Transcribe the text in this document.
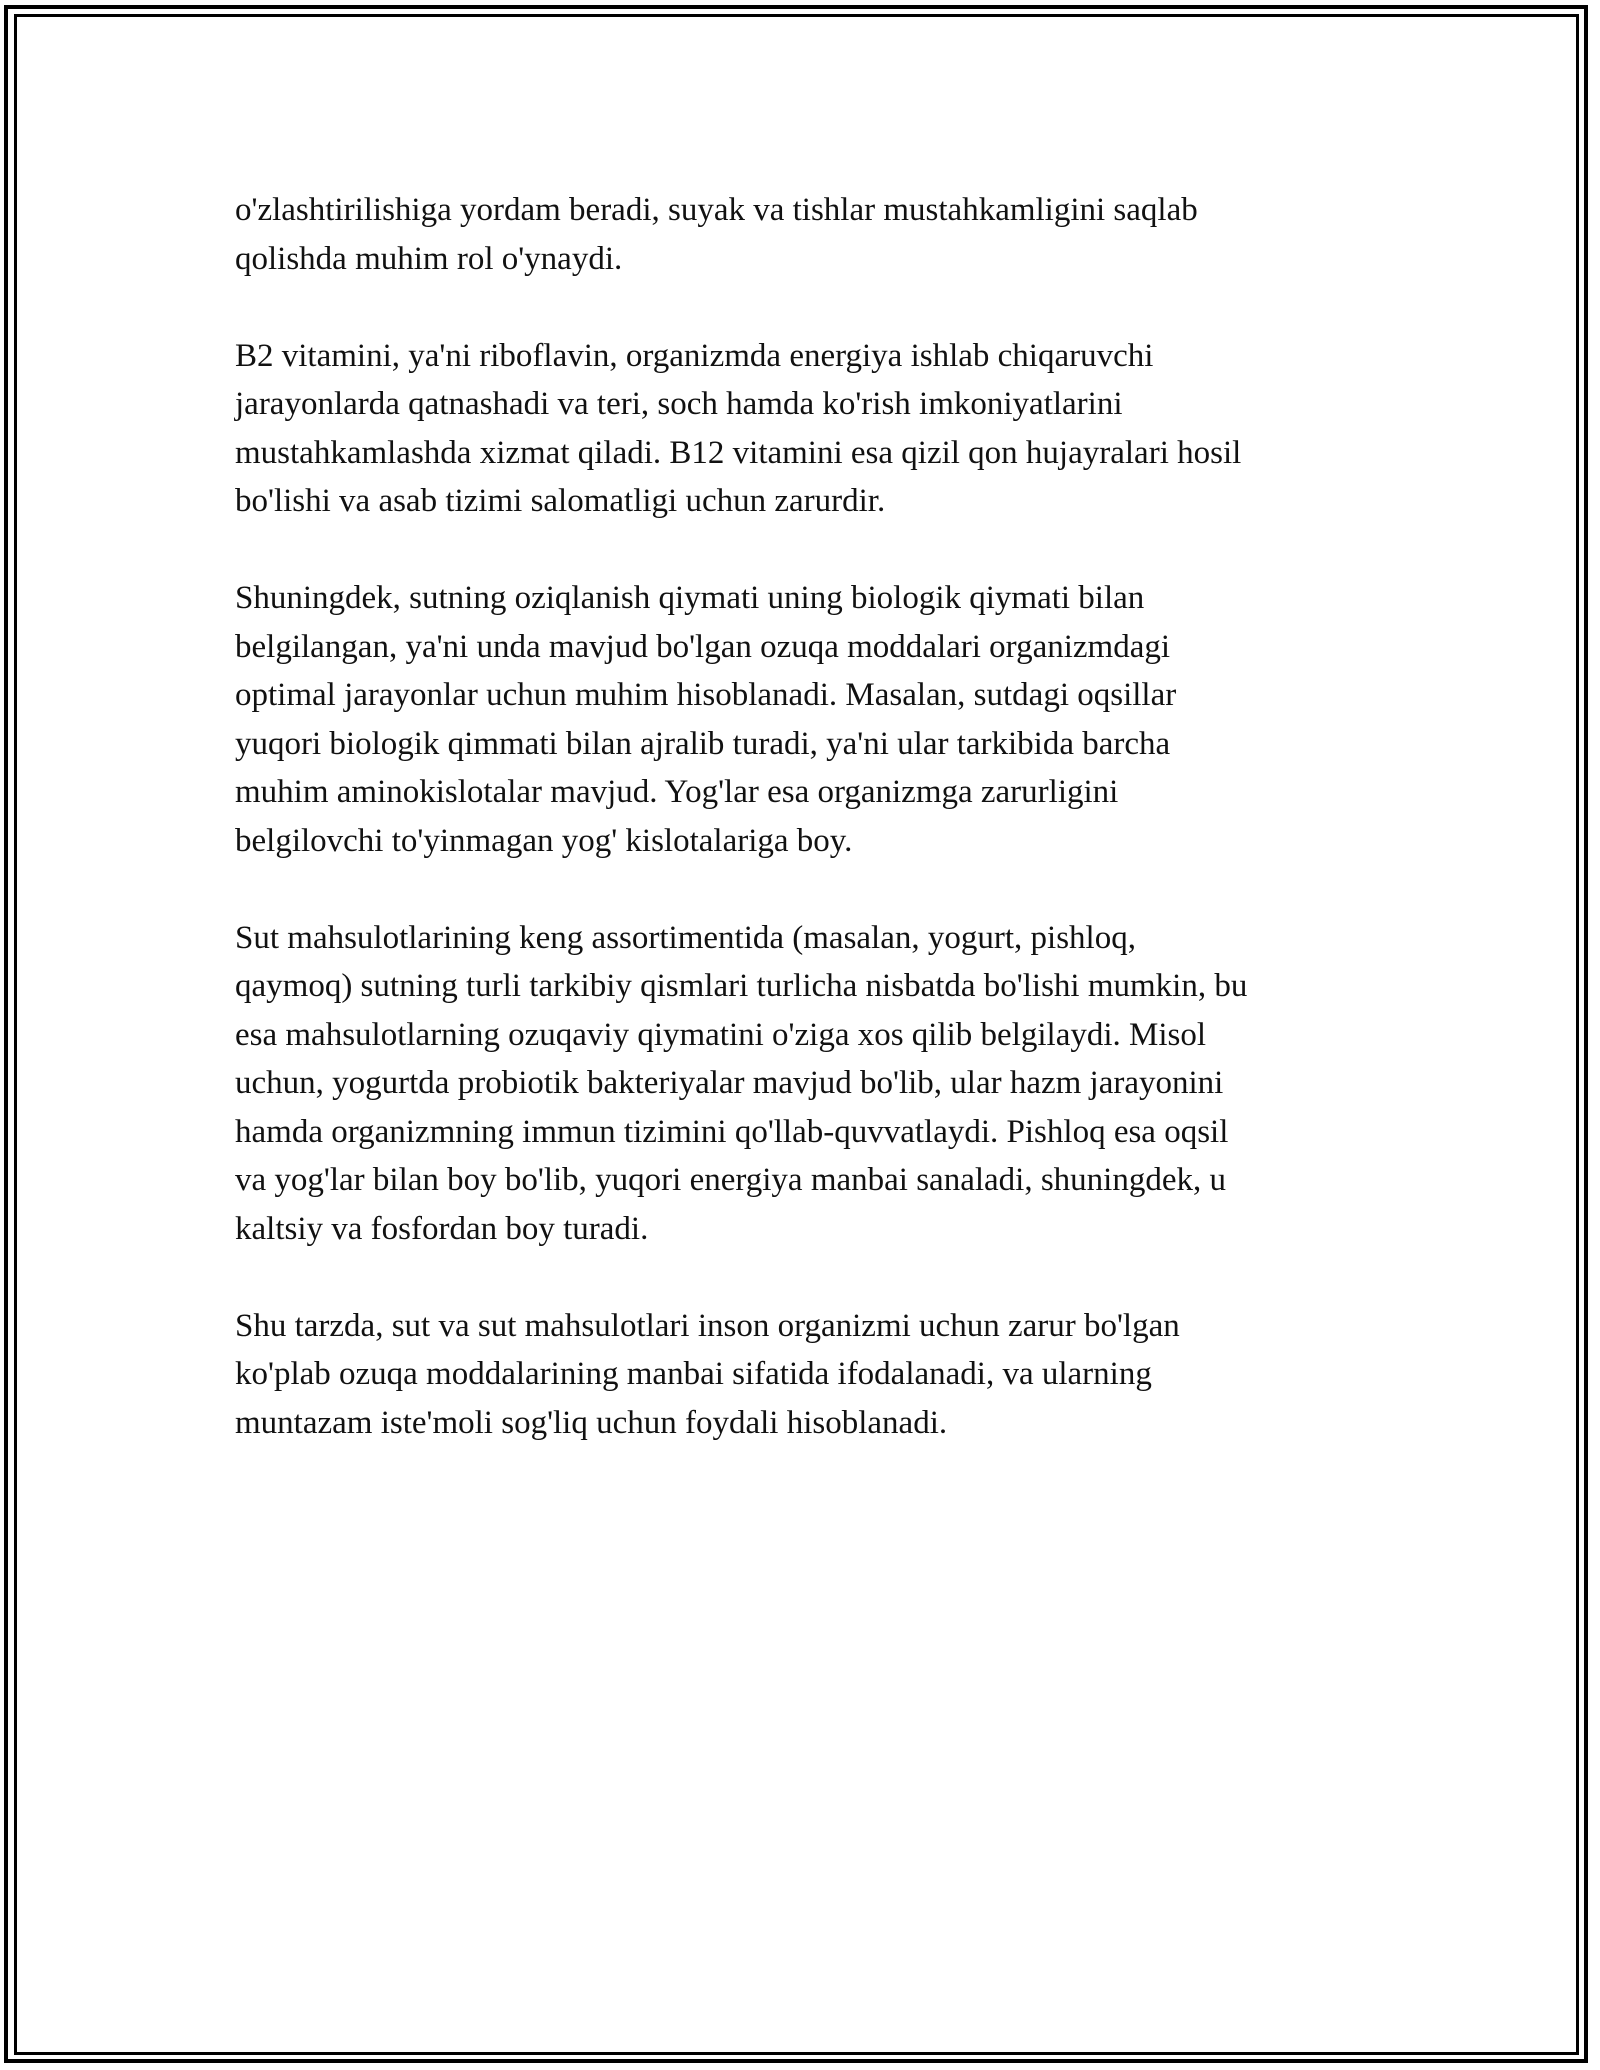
o'zlashtirilishiga yordam beradi, suyak va tishlar mustahkamligini saqlab
qolishda muhim rol o'ynaydi.

B2 vitamini, ya'ni riboflavin, organizmda energiya ishlab chiqaruvchi
jarayonlarda qatnashadi va teri, soch hamda ko'rish imkoniyatlarini
mustahkamlashda xizmat qiladi. B12 vitamini esa qizil qon hujayralari hosil
bo'lishi va asab tizimi salomatligi uchun zarurdir.

Shuningdek, sutning oziqlanish qiymati uning biologik qiymati bilan
belgilangan, ya'ni unda mavjud bo'lgan ozuqa moddalari organizmdagi
optimal jarayonlar uchun muhim hisoblanadi. Masalan, sutdagi oqsillar
yuqori biologik qimmati bilan ajralib turadi, ya'ni ular tarkibida barcha
muhim aminokislotalar mavjud. Yog'lar esa organizmga zarurligini
belgilovchi to'yinmagan yog' kislotalariga boy.

Sut mahsulotlarining keng assortimentida (masalan, yogurt, pishloq,
qaymoq) sutning turli tarkibiy qismlari turlicha nisbatda bo'lishi mumkin, bu
esa mahsulotlarning ozuqaviy qiymatini o'ziga xos qilib belgilaydi. Misol
uchun, yogurtda probiotik bakteriyalar mavjud bo'lib, ular hazm jarayonini
hamda organizmning immun tizimini qo'llab-quvvatlaydi. Pishloq esa oqsil
va yog'lar bilan boy bo'lib, yuqori energiya manbai sanaladi, shuningdek, u
kaltsiy va fosfordan boy turadi.

Shu tarzda, sut va sut mahsulotlari inson organizmi uchun zarur bo'lgan
ko'plab ozuqa moddalarining manbai sifatida ifodalanadi, va ularning
muntazam iste'moli sog'liq uchun foydali hisoblanadi.
